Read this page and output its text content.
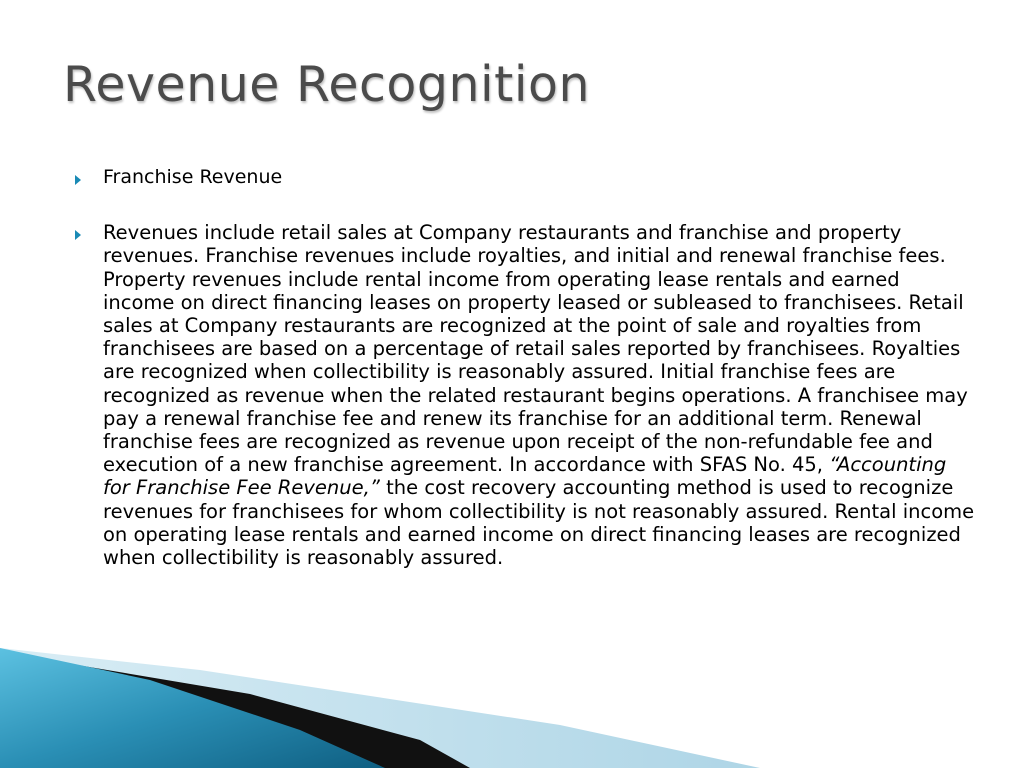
Revenue Recognition
Franchise Revenue
Revenues include retail sales at Company restaurants and franchise and property revenues. Franchise revenues include royalties, and initial and renewal franchise fees. Property revenues include rental income from operating lease rentals and earned income on direct financing leases on property leased or subleased to franchisees. Retail sales at Company restaurants are recognized at the point of sale and royalties from franchisees are based on a percentage of retail sales reported by franchisees. Royalties are recognized when collectibility is reasonably assured. Initial franchise fees are recognized as revenue when the related restaurant begins operations. A franchisee may pay a renewal franchise fee and renew its franchise for an additional term. Renewal franchise fees are recognized as revenue upon receipt of the non-refundable fee and execution of a new franchise agreement. In accordance with SFAS No. 45, “Accounting for Franchise Fee Revenue,” the cost recovery accounting method is used to recognize revenues for franchisees for whom collectibility is not reasonably assured. Rental income on operating lease rentals and earned income on direct financing leases are recognized when collectibility is reasonably assured.
